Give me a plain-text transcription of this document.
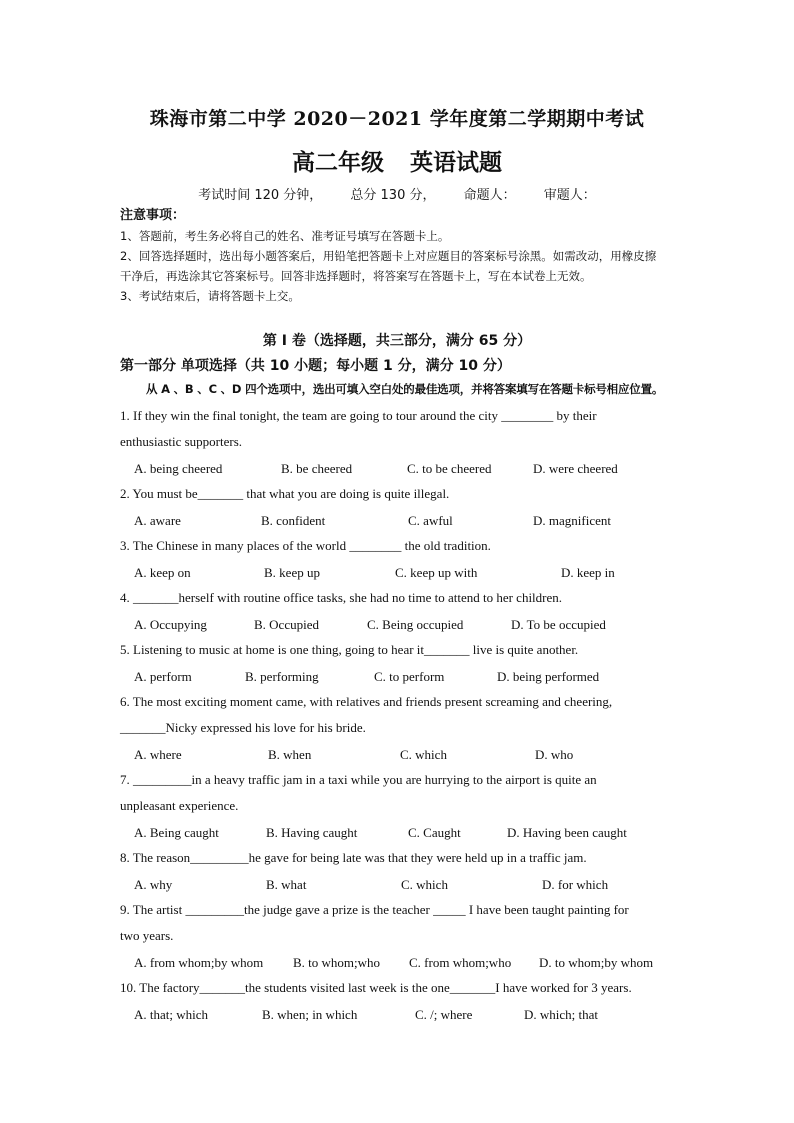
珠海市第二中学 2020－2021 学年度第二学期期中考试
高二年级 英语试题
考试时间 120 分钟， 总分 130 分， 命题人： 审题人：
注意事项：
1、答题前，考生务必将自己的姓名、准考证号填写在答题卡上。
2、回答选择题时，选出每小题答案后，用铅笔把答题卡上对应题目的答案标号涂黑。如需改动，用橡皮擦
干净后，再选涂其它答案标号。回答非选择题时，将答案写在答题卡上，写在本试卷上无效。
3、考试结束后，请将答题卡上交。
第 Ⅰ 卷（选择题，共三部分，满分 65 分）
第一部分 单项选择（共 10 小题；每小题 1 分，满分 10 分）
从 A 、B 、C 、D 四个选项中，选出可填入空白处的最佳选项，并将答案填写在答题卡标号相应位置。
1. If they win the final tonight, the team are going to tour around the city ________ by their
enthusiastic supporters.
A. being cheered	B. be cheered	C. to be cheered	D. were cheered
2. You must be_______ that what you are doing is quite illegal.
A. aware	B. confident	C. awful	D. magnificent
3. The Chinese in many places of the world ________ the old tradition.
A. keep on	B. keep up	C. keep up with	D. keep in
4. _______herself with routine office tasks, she had no time to attend to her children.
A. Occupying	B. Occupied	C. Being occupied	D. To be occupied
5. Listening to music at home is one thing, going to hear it_______ live is quite another.
A. perform	B. performing	C. to perform	D. being performed
6. The most exciting moment came, with relatives and friends present screaming and cheering,
_______Nicky expressed his love for his bride.
A. where	B. when	C. which	D. who
7. _________in a heavy traffic jam in a taxi while you are hurrying to the airport is quite an
unpleasant experience.
A. Being caught	B. Having caught	C. Caught	D. Having been caught
8. The reason_________he gave for being late was that they were held up in a traffic jam.
A. why	B. what	C. which	D. for which
9. The artist _________the judge gave a prize is the teacher _____ I have been taught painting for
two years.
A. from whom;by whom B. to whom;who C. from whom;who D. to whom;by whom
10. The factory_______the students visited last week is the one_______I have worked for 3 years.
A. that; which	B. when; in which	C. /; where	D. which; that
